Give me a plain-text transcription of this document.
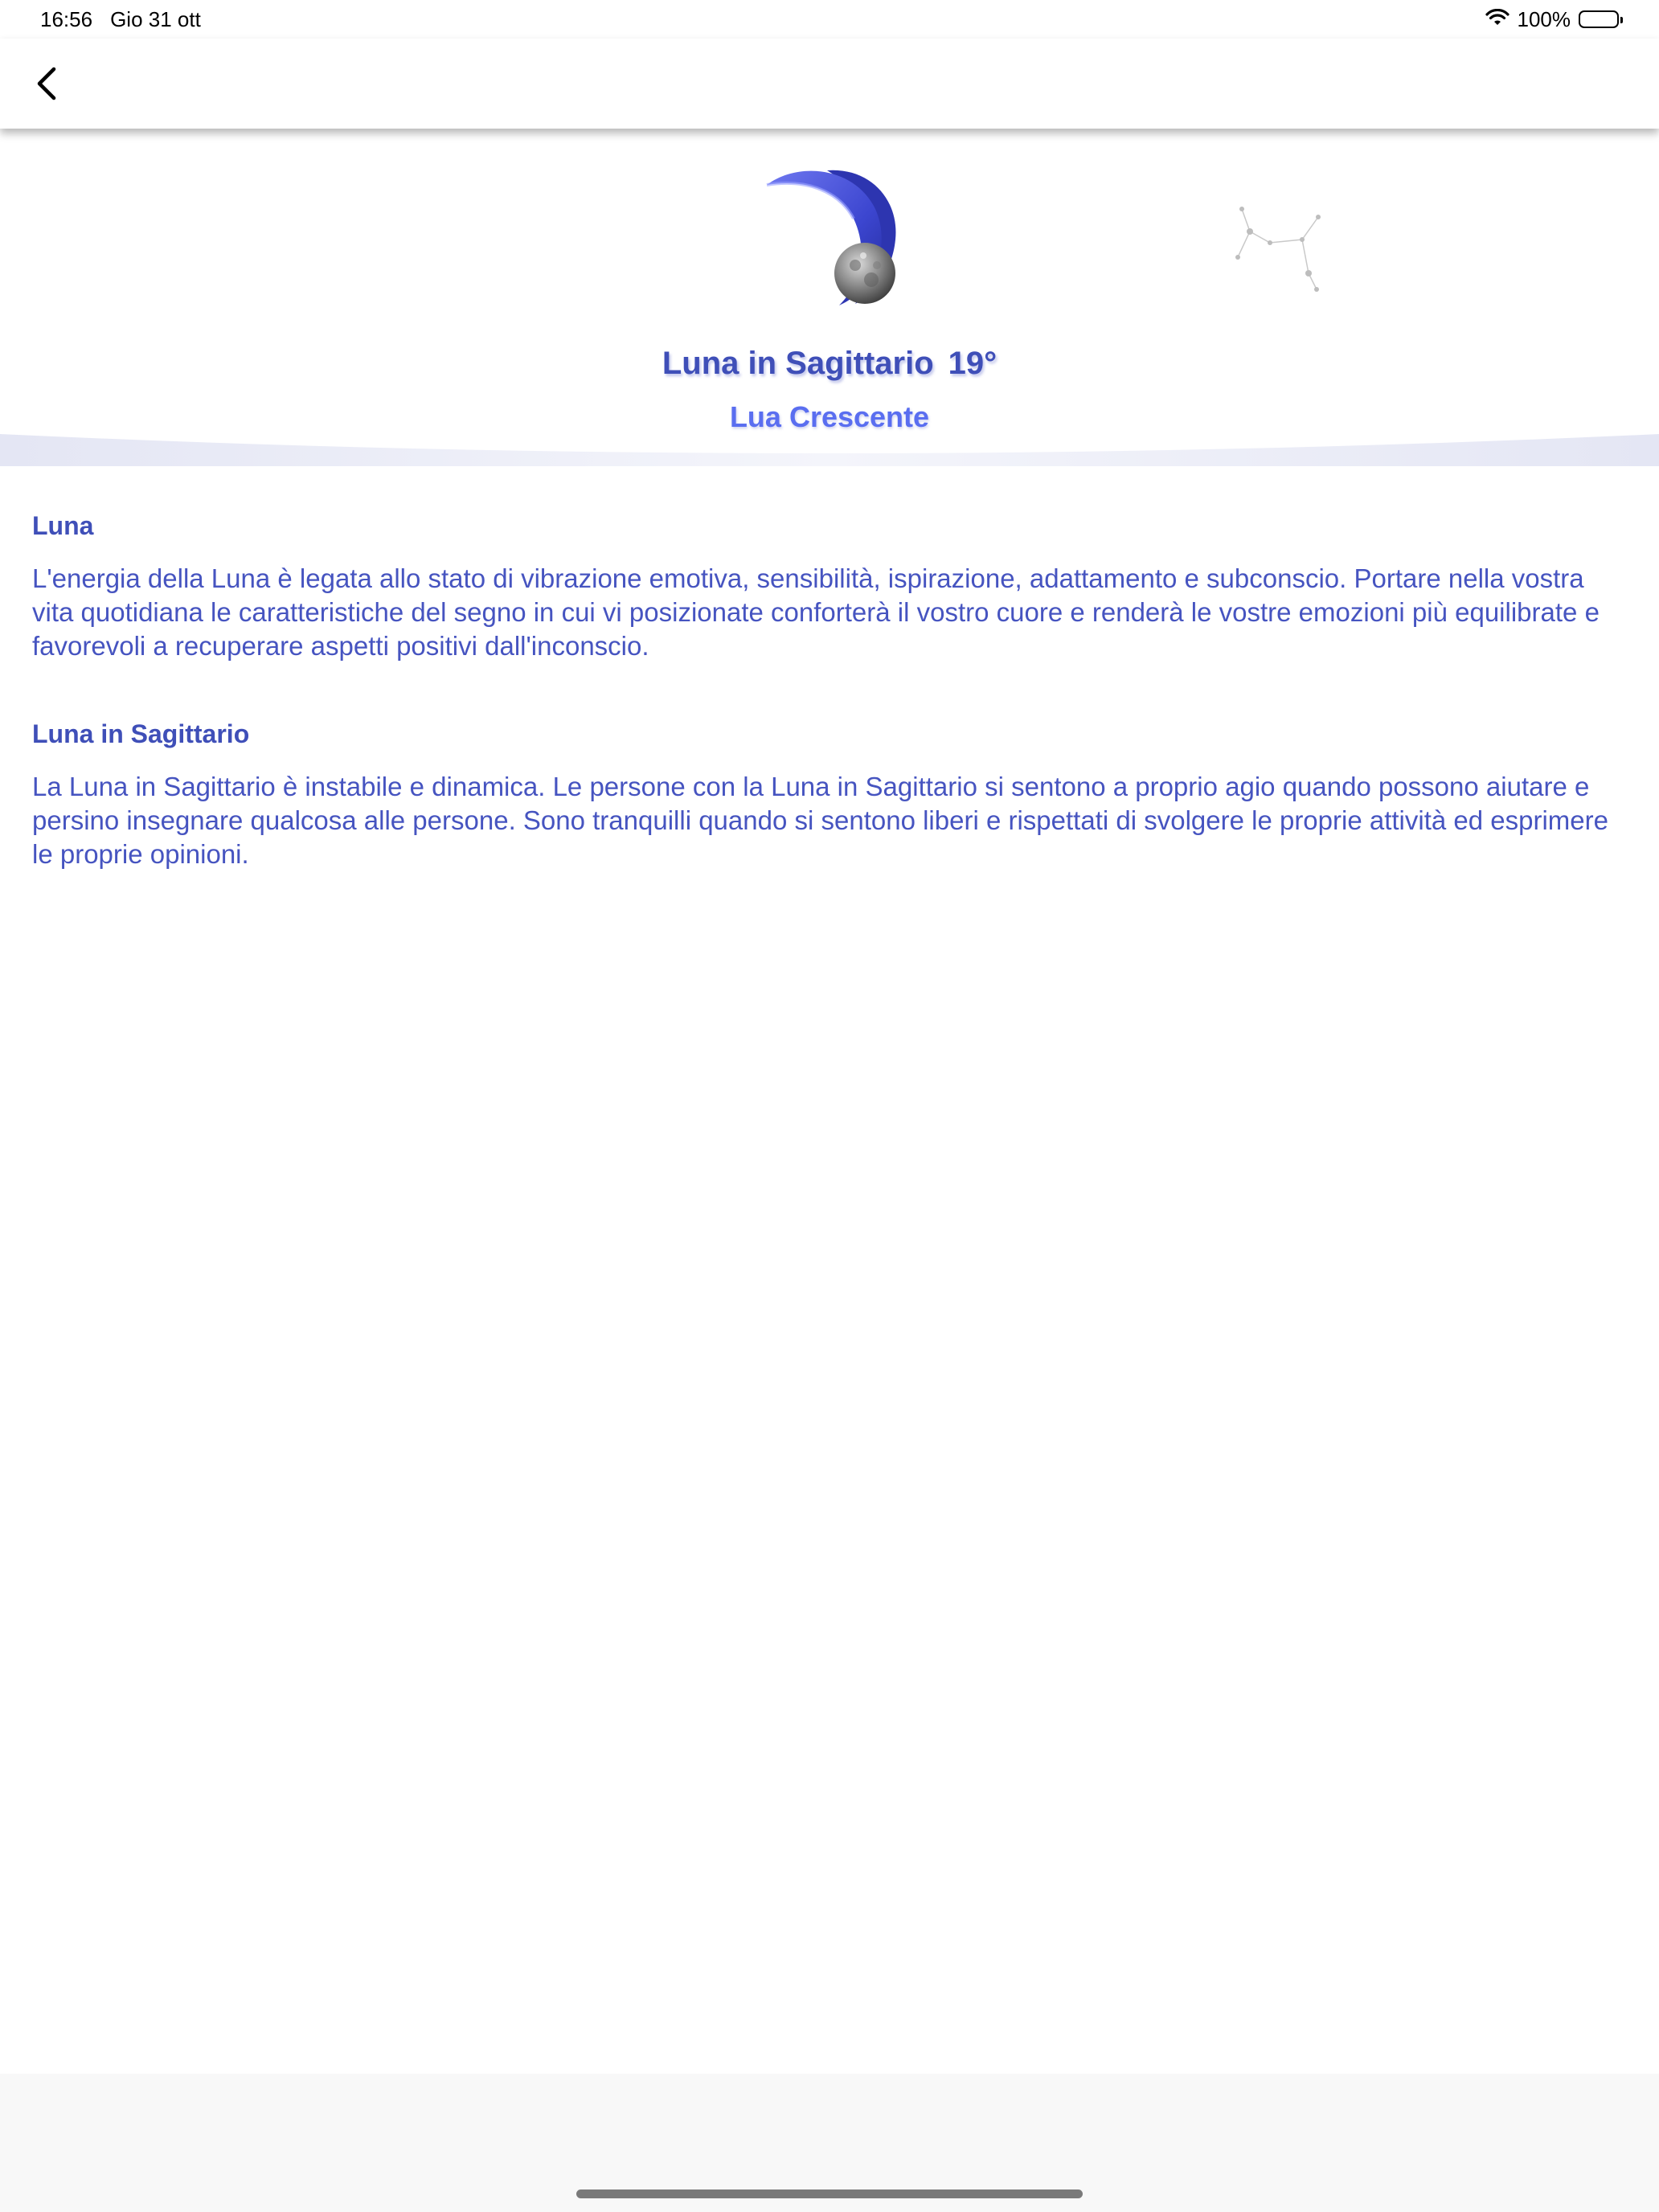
16:56 Gio 31 ott	100%
Luna in Sagittario 19°
Lua Crescente
Luna
L'energia della Luna è legata allo stato di vibrazione emotiva, sensibilità, ispirazione, adattamento e subconscio. Portare nella vostra vita quotidiana le caratteristiche del segno in cui vi posizionate conforterà il vostro cuore e renderà le vostre emozioni più equilibrate e favorevoli a recuperare aspetti positivi dall'inconscio.
Luna in Sagittario
La Luna in Sagittario è instabile e dinamica. Le persone con la Luna in Sagittario si sentono a proprio agio quando possono aiutare e persino insegnare qualcosa alle persone. Sono tranquilli quando si sentono liberi e rispettati di svolgere le proprie attività ed esprimere le proprie opinioni.
